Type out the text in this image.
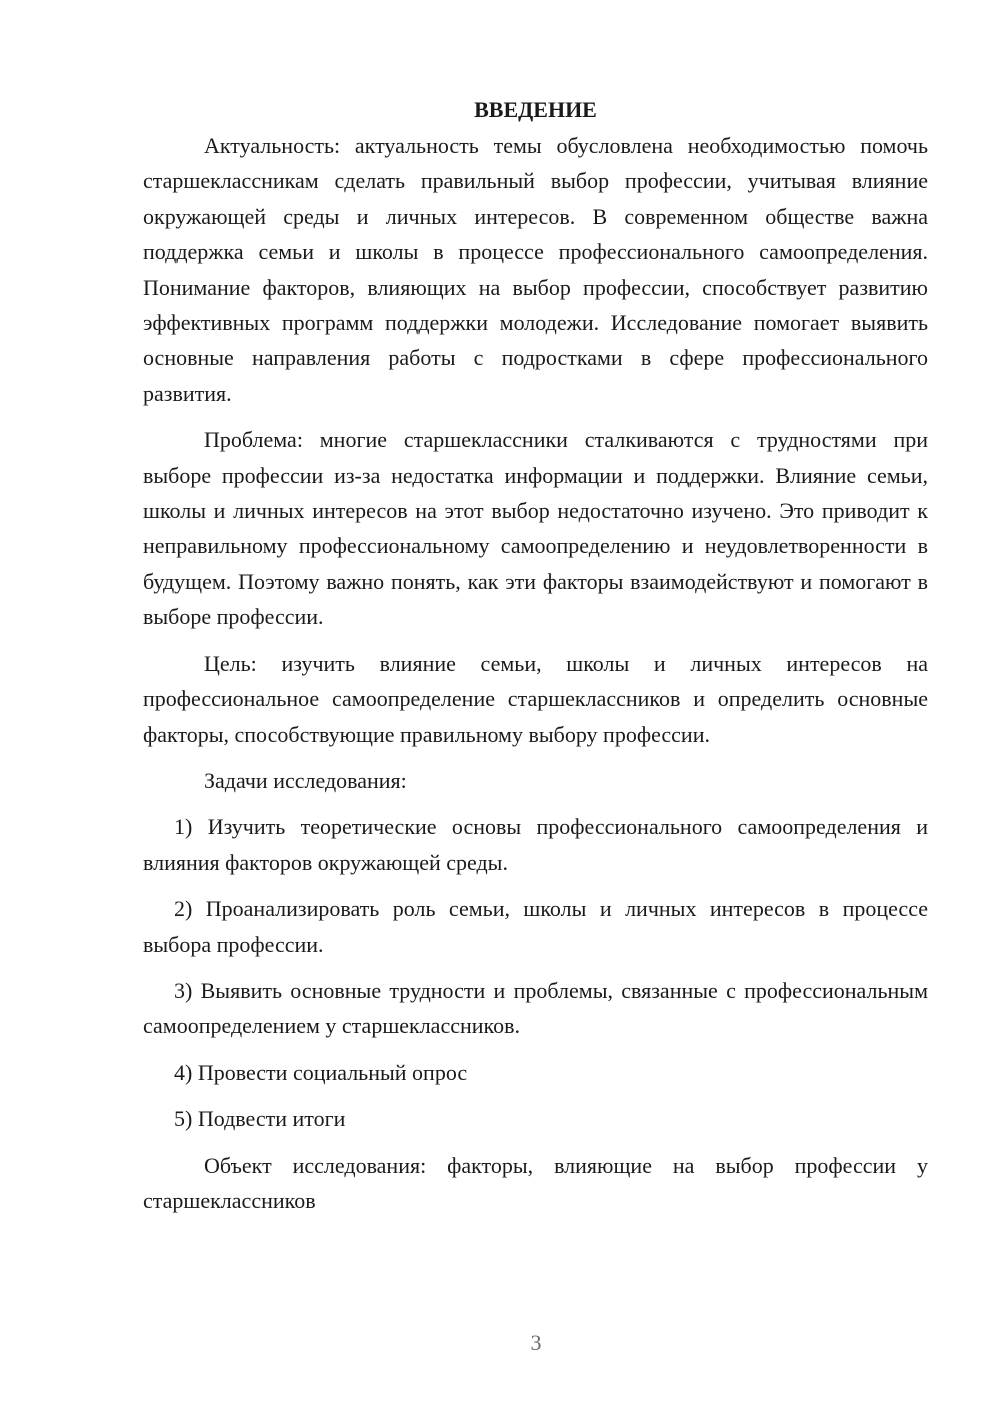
ВВЕДЕНИЕ

Актуальность: актуальность темы обусловлена необходимостью помочь старшеклассникам сделать правильный выбор профессии, учитывая влияние окружающей среды и личных интересов. В современном обществе важна поддержка семьи и школы в процессе профессионального самоопределения. Понимание факторов, влияющих на выбор профессии, способствует развитию эффективных программ поддержки молодежи. Исследование помогает выявить основные направления работы с подростками в сфере профессионального развития.

Проблема: многие старшеклассники сталкиваются с трудностями при выборе профессии из-за недостатка информации и поддержки. Влияние семьи, школы и личных интересов на этот выбор недостаточно изучено. Это приводит к неправильному профессиональному самоопределению и неудовлетворенности в будущем. Поэтому важно понять, как эти факторы взаимодействуют и помогают в выборе профессии.

Цель: изучить влияние семьи, школы и личных интересов на профессиональное самоопределение старшеклассников и определить основные факторы, способствующие правильному выбору профессии.

Задачи исследования:

1) Изучить теоретические основы профессионального самоопределения и влияния факторов окружающей среды.

2) Проанализировать роль семьи, школы и личных интересов в процессе выбора профессии.

3) Выявить основные трудности и проблемы, связанные с профессиональным самоопределением у старшеклассников.

4) Провести социальный опрос

5) Подвести итоги

Объект исследования: факторы, влияющие на выбор профессии у старшеклассников

3
